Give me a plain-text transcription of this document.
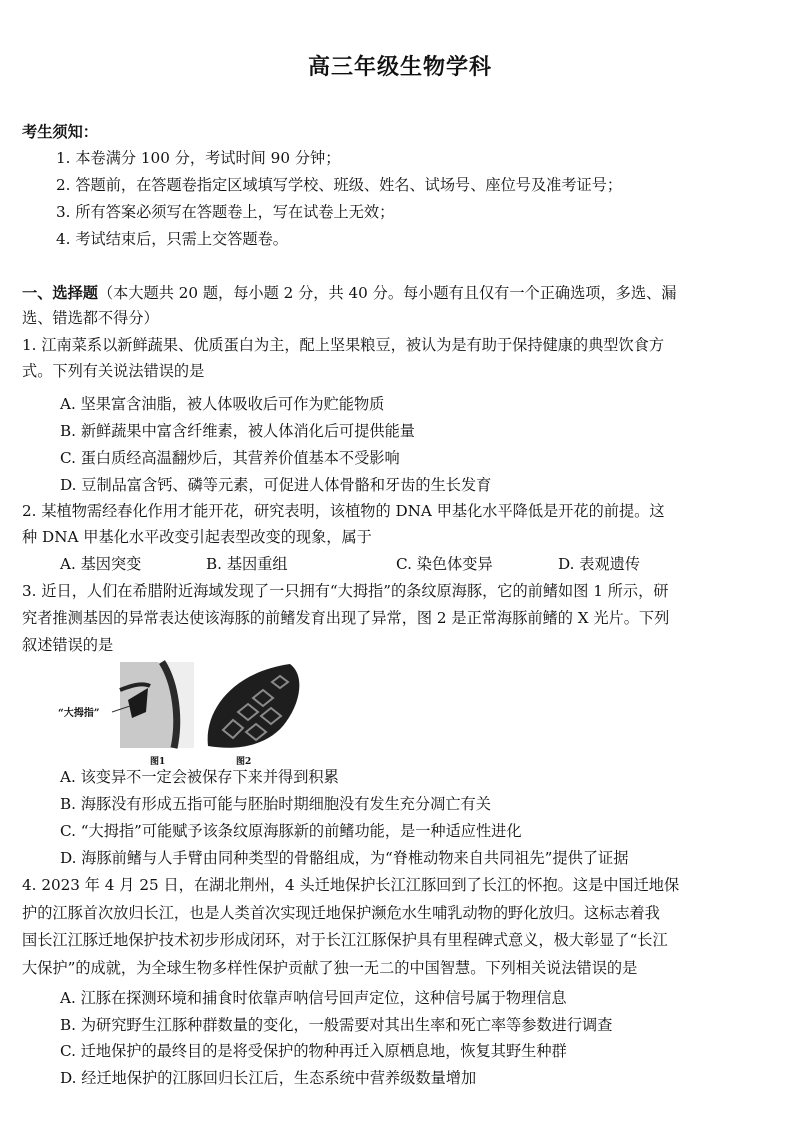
高三年级生物学科
考生须知：
1. 本卷满分 100 分，考试时间 90 分钟；
2. 答题前，在答题卷指定区域填写学校、班级、姓名、试场号、座位号及准考证号；
3. 所有答案必须写在答题卷上，写在试卷上无效；
4. 考试结束后，只需上交答题卷。
一、选择题（本大题共 20 题，每小题 2 分，共 40 分。每小题有且仅有一个正确选项，多选、漏
选、错选都不得分）
1. 江南菜系以新鲜蔬果、优质蛋白为主，配上坚果粮豆，被认为是有助于保持健康的典型饮食方
式。下列有关说法错误的是
A. 坚果富含油脂，被人体吸收后可作为贮能物质
B. 新鲜蔬果中富含纤维素，被人体消化后可提供能量
C. 蛋白质经高温翻炒后，其营养价值基本不受影响
D. 豆制品富含钙、磷等元素，可促进人体骨骼和牙齿的生长发育
2. 某植物需经春化作用才能开花，研究表明，该植物的 DNA 甲基化水平降低是开花的前提。这
种 DNA 甲基化水平改变引起表型改变的现象，属于
A. 基因突变	B. 基因重组	C. 染色体变异	D. 表观遗传
3. 近日，人们在希腊附近海域发现了一只拥有“大拇指”的条纹原海豚，它的前鳍如图 1 所示，研
究者推测基因的异常表达使该海豚的前鳍发育出现了异常，图 2 是正常海豚前鳍的 X 光片。下列
叙述错误的是
“大拇指”
图1	图2
A. 该变异不一定会被保存下来并得到积累
B. 海豚没有形成五指可能与胚胎时期细胞没有发生充分凋亡有关
C. “大拇指”可能赋予该条纹原海豚新的前鳍功能，是一种适应性进化
D. 海豚前鳍与人手臂由同种类型的骨骼组成，为“脊椎动物来自共同祖先”提供了证据
4. 2023 年 4 月 25 日，在湖北荆州，4 头迁地保护长江江豚回到了长江的怀抱。这是中国迁地保
护的江豚首次放归长江，也是人类首次实现迁地保护濒危水生哺乳动物的野化放归。这标志着我
国长江江豚迁地保护技术初步形成闭环，对于长江江豚保护具有里程碑式意义，极大彰显了“长江
大保护”的成就，为全球生物多样性保护贡献了独一无二的中国智慧。下列相关说法错误的是
A. 江豚在探测环境和捕食时依靠声呐信号回声定位，这种信号属于物理信息
B. 为研究野生江豚种群数量的变化，一般需要对其出生率和死亡率等参数进行调查
C. 迁地保护的最终目的是将受保护的物种再迁入原栖息地，恢复其野生种群
D. 经迁地保护的江豚回归长江后，生态系统中营养级数量增加
